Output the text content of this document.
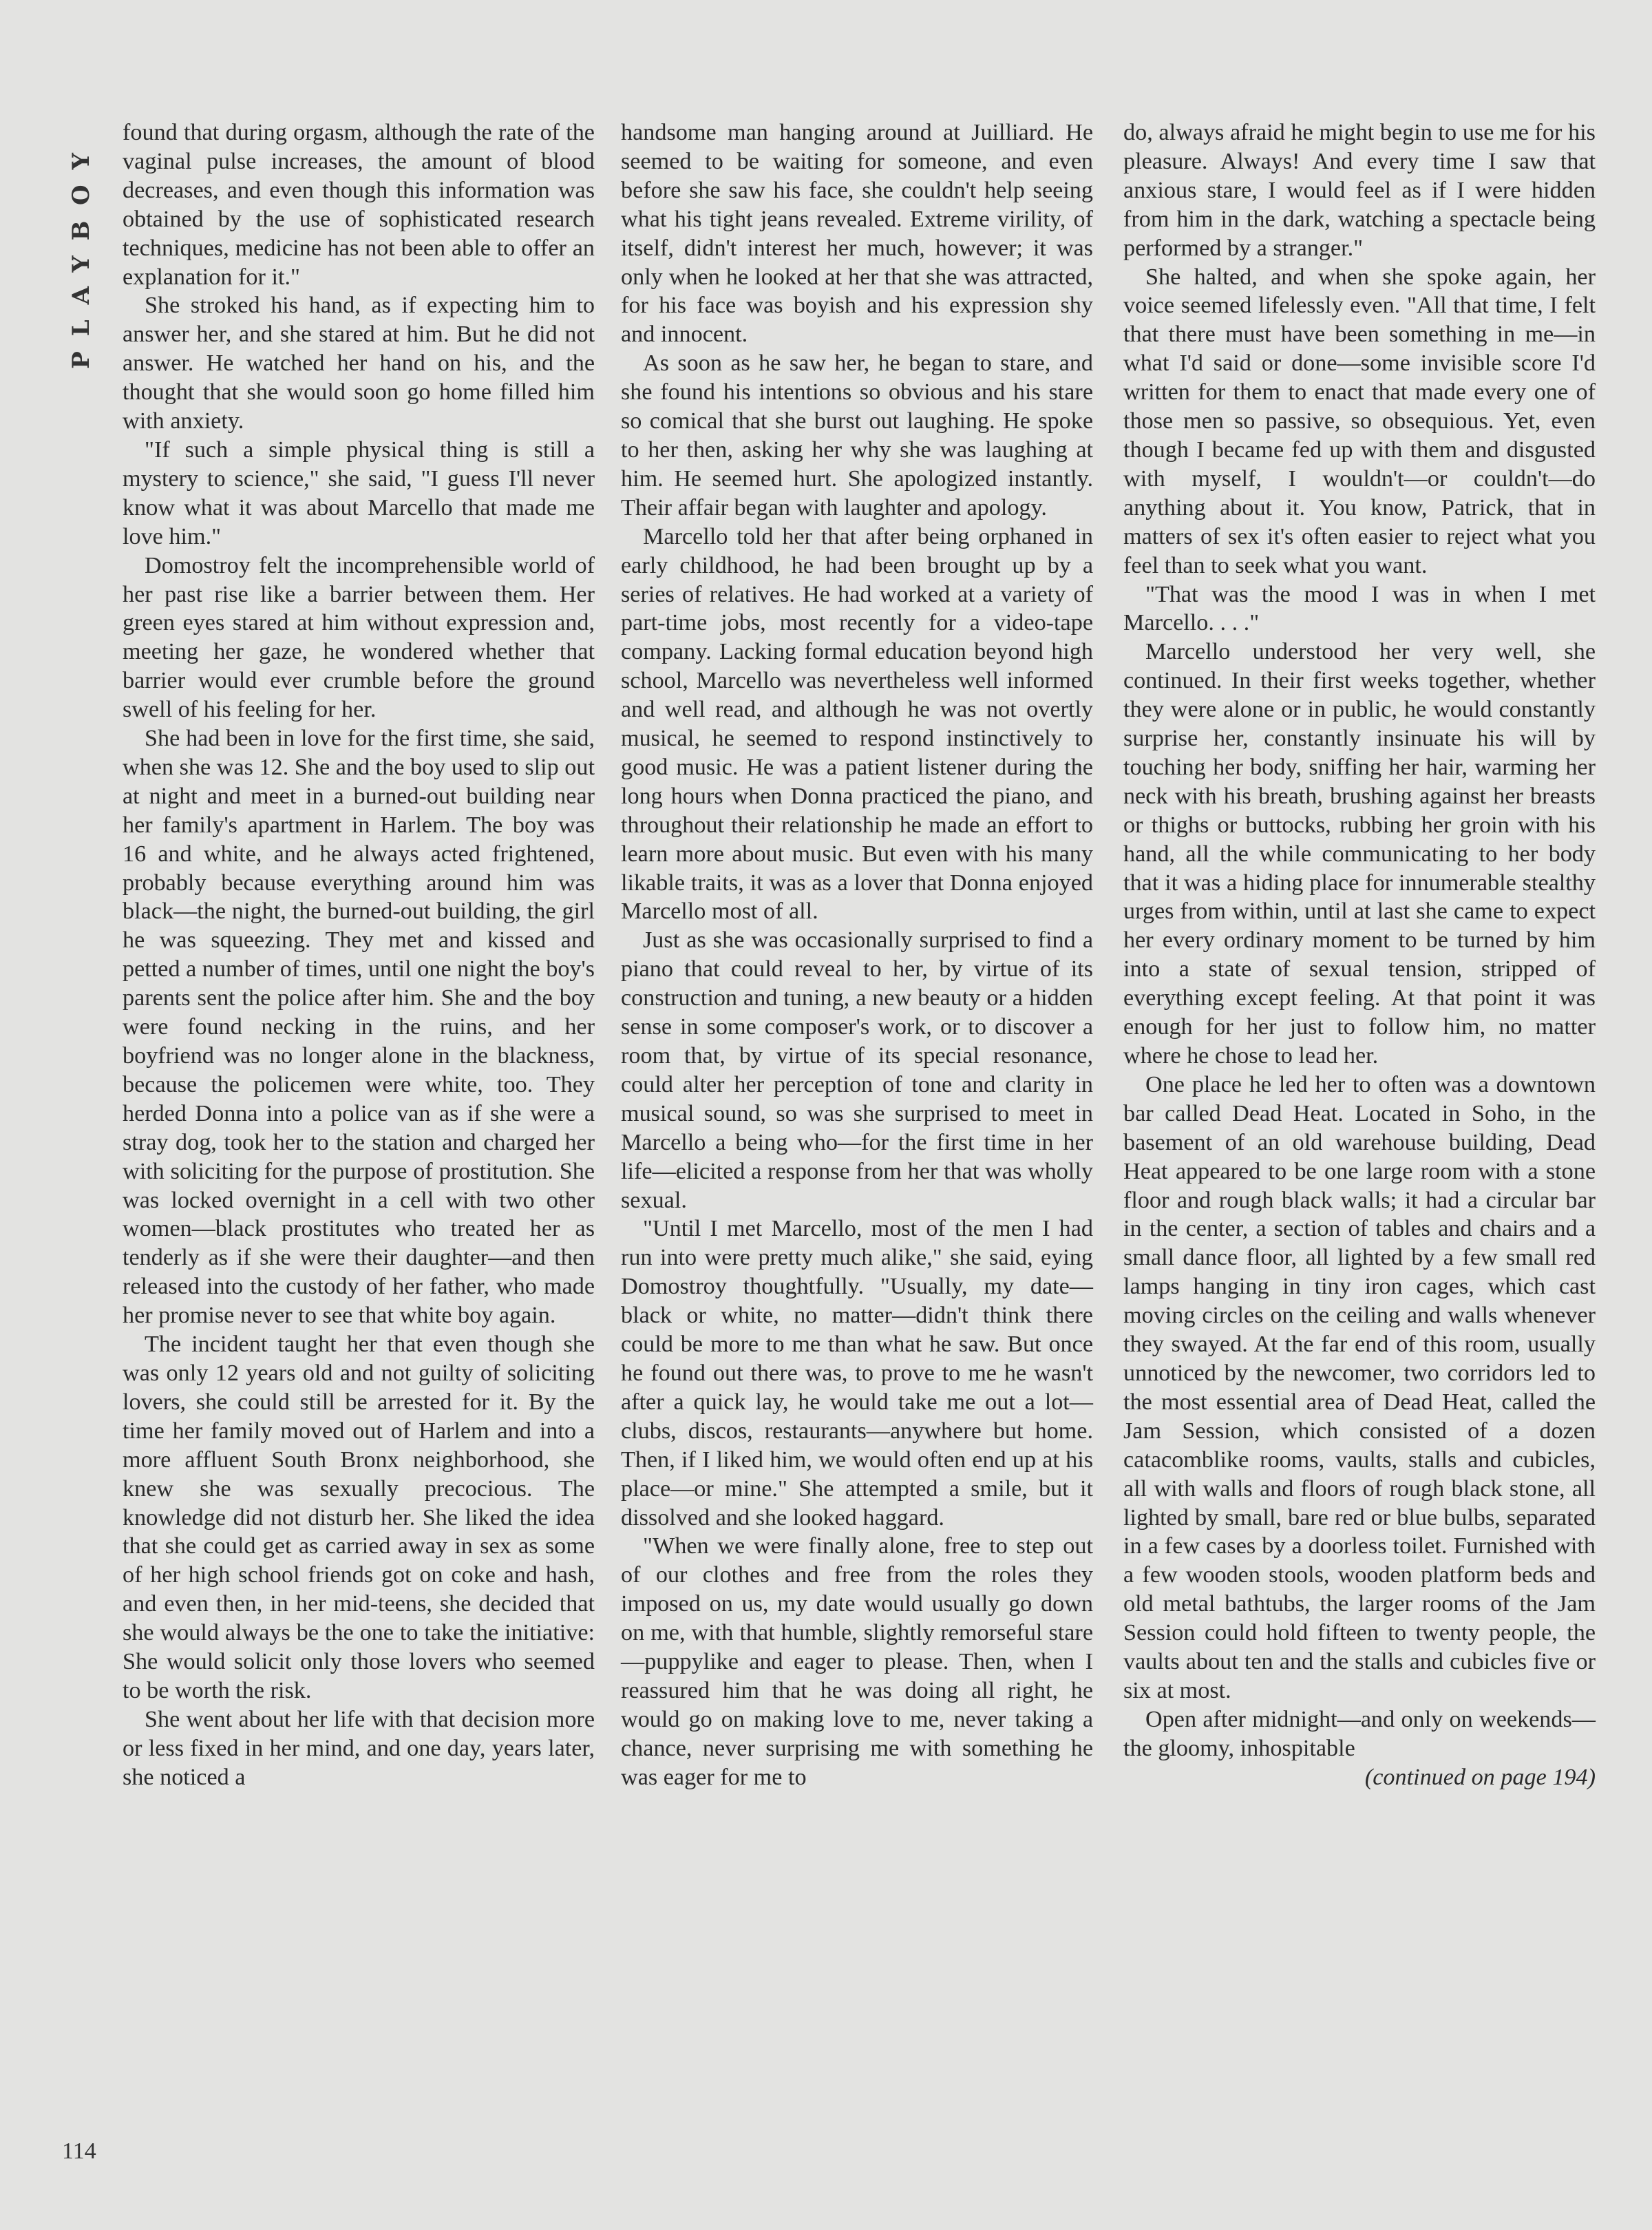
PLAYBOY

found that during orgasm, although the rate of the vaginal pulse increases, the amount of blood decreases, and even though this information was obtained by the use of sophisticated research techniques, medicine has not been able to offer an explanation for it."

She stroked his hand, as if expecting him to answer her, and she stared at him. But he did not answer. He watched her hand on his, and the thought that she would soon go home filled him with anxiety.

"If such a simple physical thing is still a mystery to science," she said, "I guess I'll never know what it was about Marcello that made me love him."

Domostroy felt the incomprehensible world of her past rise like a barrier between them. Her green eyes stared at him without expression and, meeting her gaze, he wondered whether that barrier would ever crumble before the ground swell of his feeling for her.

She had been in love for the first time, she said, when she was 12. She and the boy used to slip out at night and meet in a burned-out building near her family's apartment in Harlem. The boy was 16 and white, and he always acted frightened, probably because everything around him was black—the night, the burned-out building, the girl he was squeezing. They met and kissed and petted a number of times, until one night the boy's parents sent the police after him. She and the boy were found necking in the ruins, and her boyfriend was no longer alone in the blackness, because the policemen were white, too. They herded Donna into a police van as if she were a stray dog, took her to the station and charged her with soliciting for the purpose of prostitution. She was locked overnight in a cell with two other women—black prostitutes who treated her as tenderly as if she were their daughter—and then released into the custody of her father, who made her promise never to see that white boy again.

The incident taught her that even though she was only 12 years old and not guilty of soliciting lovers, she could still be arrested for it. By the time her family moved out of Harlem and into a more affluent South Bronx neighborhood, she knew she was sexually precocious. The knowledge did not disturb her. She liked the idea that she could get as carried away in sex as some of her high school friends got on coke and hash, and even then, in her mid-teens, she decided that she would always be the one to take the initiative: She would solicit only those lovers who seemed to be worth the risk.

She went about her life with that decision more or less fixed in her mind, and one day, years later, she noticed a

handsome man hanging around at Juilliard. He seemed to be waiting for someone, and even before she saw his face, she couldn't help seeing what his tight jeans revealed. Extreme virility, of itself, didn't interest her much, however; it was only when he looked at her that she was attracted, for his face was boyish and his expression shy and innocent.

As soon as he saw her, he began to stare, and she found his intentions so obvious and his stare so comical that she burst out laughing. He spoke to her then, asking her why she was laughing at him. He seemed hurt. She apologized instantly. Their affair began with laughter and apology.

Marcello told her that after being orphaned in early childhood, he had been brought up by a series of relatives. He had worked at a variety of part-time jobs, most recently for a video-tape company. Lacking formal education beyond high school, Marcello was nevertheless well informed and well read, and although he was not overtly musical, he seemed to respond instinctively to good music. He was a patient listener during the long hours when Donna practiced the piano, and throughout their relationship he made an effort to learn more about music. But even with his many likable traits, it was as a lover that Donna enjoyed Marcello most of all.

Just as she was occasionally surprised to find a piano that could reveal to her, by virtue of its construction and tuning, a new beauty or a hidden sense in some composer's work, or to discover a room that, by virtue of its special resonance, could alter her perception of tone and clarity in musical sound, so was she surprised to meet in Marcello a being who—for the first time in her life—elicited a response from her that was wholly sexual.

"Until I met Marcello, most of the men I had run into were pretty much alike," she said, eying Domostroy thoughtfully. "Usually, my date—black or white, no matter—didn't think there could be more to me than what he saw. But once he found out there was, to prove to me he wasn't after a quick lay, he would take me out a lot—clubs, discos, restaurants—anywhere but home. Then, if I liked him, we would often end up at his place—or mine." She attempted a smile, but it dissolved and she looked haggard.

"When we were finally alone, free to step out of our clothes and free from the roles they imposed on us, my date would usually go down on me, with that humble, slightly remorseful stare—puppylike and eager to please. Then, when I reassured him that he was doing all right, he would go on making love to me, never taking a chance, never surprising me with something he was eager for me to

do, always afraid he might begin to use me for his pleasure. Always! And every time I saw that anxious stare, I would feel as if I were hidden from him in the dark, watching a spectacle being performed by a stranger."

She halted, and when she spoke again, her voice seemed lifelessly even. "All that time, I felt that there must have been something in me—in what I'd said or done—some invisible score I'd written for them to enact that made every one of those men so passive, so obsequious. Yet, even though I became fed up with them and disgusted with myself, I wouldn't—or couldn't—do anything about it. You know, Patrick, that in matters of sex it's often easier to reject what you feel than to seek what you want.

"That was the mood I was in when I met Marcello. . . ."

Marcello understood her very well, she continued. In their first weeks together, whether they were alone or in public, he would constantly surprise her, constantly insinuate his will by touching her body, sniffing her hair, warming her neck with his breath, brushing against her breasts or thighs or buttocks, rubbing her groin with his hand, all the while communicating to her body that it was a hiding place for innumerable stealthy urges from within, until at last she came to expect her every ordinary moment to be turned by him into a state of sexual tension, stripped of everything except feeling. At that point it was enough for her just to follow him, no matter where he chose to lead her.

One place he led her to often was a downtown bar called Dead Heat. Located in Soho, in the basement of an old warehouse building, Dead Heat appeared to be one large room with a stone floor and rough black walls; it had a circular bar in the center, a section of tables and chairs and a small dance floor, all lighted by a few small red lamps hanging in tiny iron cages, which cast moving circles on the ceiling and walls whenever they swayed. At the far end of this room, usually unnoticed by the newcomer, two corridors led to the most essential area of Dead Heat, called the Jam Session, which consisted of a dozen catacomblike rooms, vaults, stalls and cubicles, all with walls and floors of rough black stone, all lighted by small, bare red or blue bulbs, separated in a few cases by a doorless toilet. Furnished with a few wooden stools, wooden platform beds and old metal bathtubs, the larger rooms of the Jam Session could hold fifteen to twenty people, the vaults about ten and the stalls and cubicles five or six at most.

Open after midnight—and only on weekends—the gloomy, inhospitable

(continued on page 194)

114
